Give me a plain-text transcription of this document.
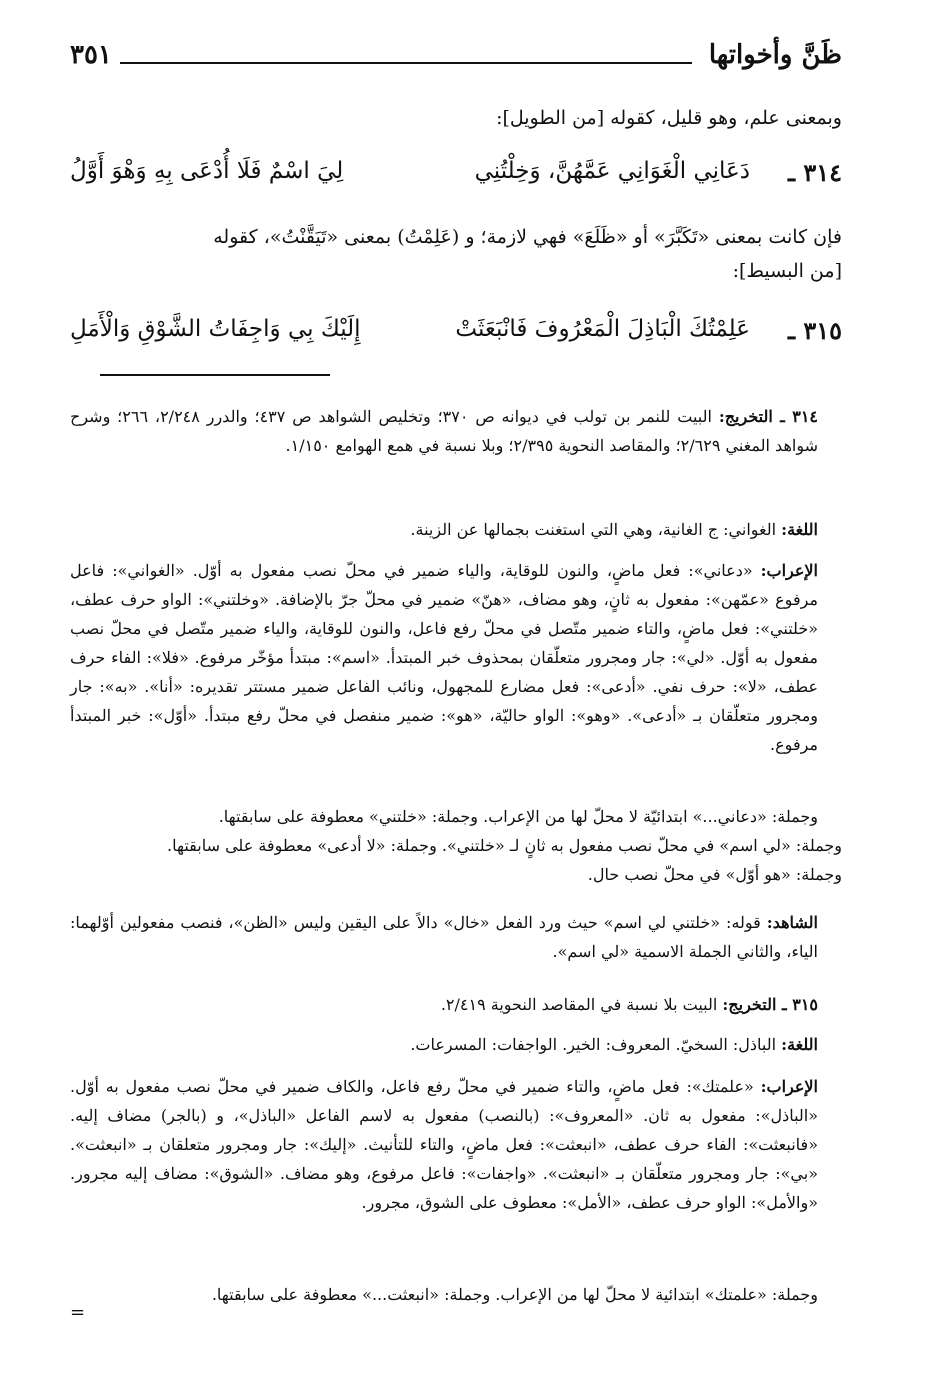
ظَنَّ وأخواتها
٣٥١
وبمعنى علم، وهو قليل، كقوله [من الطويل]:
٣١٤ ـ
دَعَانِي الْغَوَانِي عَمَّهُنَّ، وَخِلْتُنِي
لِيَ اسْمٌ فَلَا أُدْعَى بِهِ وَهْوَ أَوَّلُ
فإن كانت بمعنى «تَكَبَّرَ» أو «ظَلَعَ» فهي لازمة؛ و (عَلِمْتُ) بمعنى «تَيَقَّنْتُ»، كقوله
[من البسيط]:
٣١٥ ـ
عَلِمْتُكَ الْبَاذِلَ الْمَعْرُوفَ فَانْبَعَثَتْ
إِلَيْكَ بِي وَاجِفَاتُ الشَّوْقِ وَالْأَمَلِ

٣١٤ ـ التخريج: البيت للنمر بن تولب في ديوانه ص ٣٧٠؛ وتخليص الشواهد ص ٤٣٧؛ والدرر ٢/٢٤٨، ٢٦٦؛ وشرح شواهد المغني ٢/٦٢٩؛ والمقاصد النحوية ٢/٣٩٥؛ وبلا نسبة في همع الهوامع ١/١٥٠.

اللغة: الغواني: ج الغانية، وهي التي استغنت بجمالها عن الزينة.

الإعراب: «دعاني»: فعل ماضٍ، والنون للوقاية، والياء ضمير في محلّ نصب مفعول به أوّل. «الغواني»: فاعل مرفوع «عمّهن»: مفعول به ثانٍ، وهو مضاف، «هنّ» ضمير في محلّ جرّ بالإضافة. «وخلتني»: الواو حرف عطف، «خلتني»: فعل ماضٍ، والتاء ضمير متّصل في محلّ رفع فاعل، والنون للوقاية، والياء ضمير متّصل في محلّ نصب مفعول به أوّل. «لي»: جار ومجرور متعلّقان بمحذوف خبر المبتدأ. «اسم»: مبتدأ مؤخّر مرفوع. «فلا»: الفاء حرف عطف، «لا»: حرف نفي. «أدعى»: فعل مضارع للمجهول، ونائب الفاعل ضمير مستتر تقديره: «أنا». «به»: جار ومجرور متعلّقان بـ «أدعى». «وهو»: الواو حاليّة، «هو»: ضمير منفصل في محلّ رفع مبتدأ. «أوّل»: خبر المبتدأ مرفوع.

وجملة: «دعاني...» ابتدائيّة لا محلّ لها من الإعراب. وجملة: «خلتني» معطوفة على سابقتها.

وجملة: «لي اسم» في محلّ نصب مفعول به ثانٍ لـ «خلتني». وجملة: «لا أدعى» معطوفة على سابقتها.

وجملة: «هو أوّل» في محلّ نصب حال.

الشاهد: قوله: «خلتني لي اسم» حيث ورد الفعل «خال» دالاً على اليقين وليس «الظن»، فنصب مفعولين أوّلهما: الياء، والثاني الجملة الاسمية «لي اسم».

٣١٥ ـ التخريج: البيت بلا نسبة في المقاصد النحوية ٢/٤١٩.

اللغة: الباذل: السخيّ. المعروف: الخير. الواجفات: المسرعات.

الإعراب: «علمتك»: فعل ماضٍ، والتاء ضمير في محلّ رفع فاعل، والكاف ضمير في محلّ نصب مفعول به أوّل. «الباذل»: مفعول به ثان. «المعروف»: (بالنصب) مفعول به لاسم الفاعل «الباذل»، و (بالجر) مضاف إليه. «فانبعثت»: الفاء حرف عطف، «انبعثت»: فعل ماضٍ، والتاء للتأنيث. «إليك»: جار ومجرور متعلقان بـ «انبعثت». «بي»: جار ومجرور متعلّقان بـ «انبعثت». «واجفات»: فاعل مرفوع، وهو مضاف. «الشوق»: مضاف إليه مجرور. «والأمل»: الواو حرف عطف، «الأمل»: معطوف على الشوق، مجرور.

وجملة: «علمتك» ابتدائية لا محلّ لها من الإعراب. وجملة: «انبعثت...» معطوفة على سابقتها.

=
